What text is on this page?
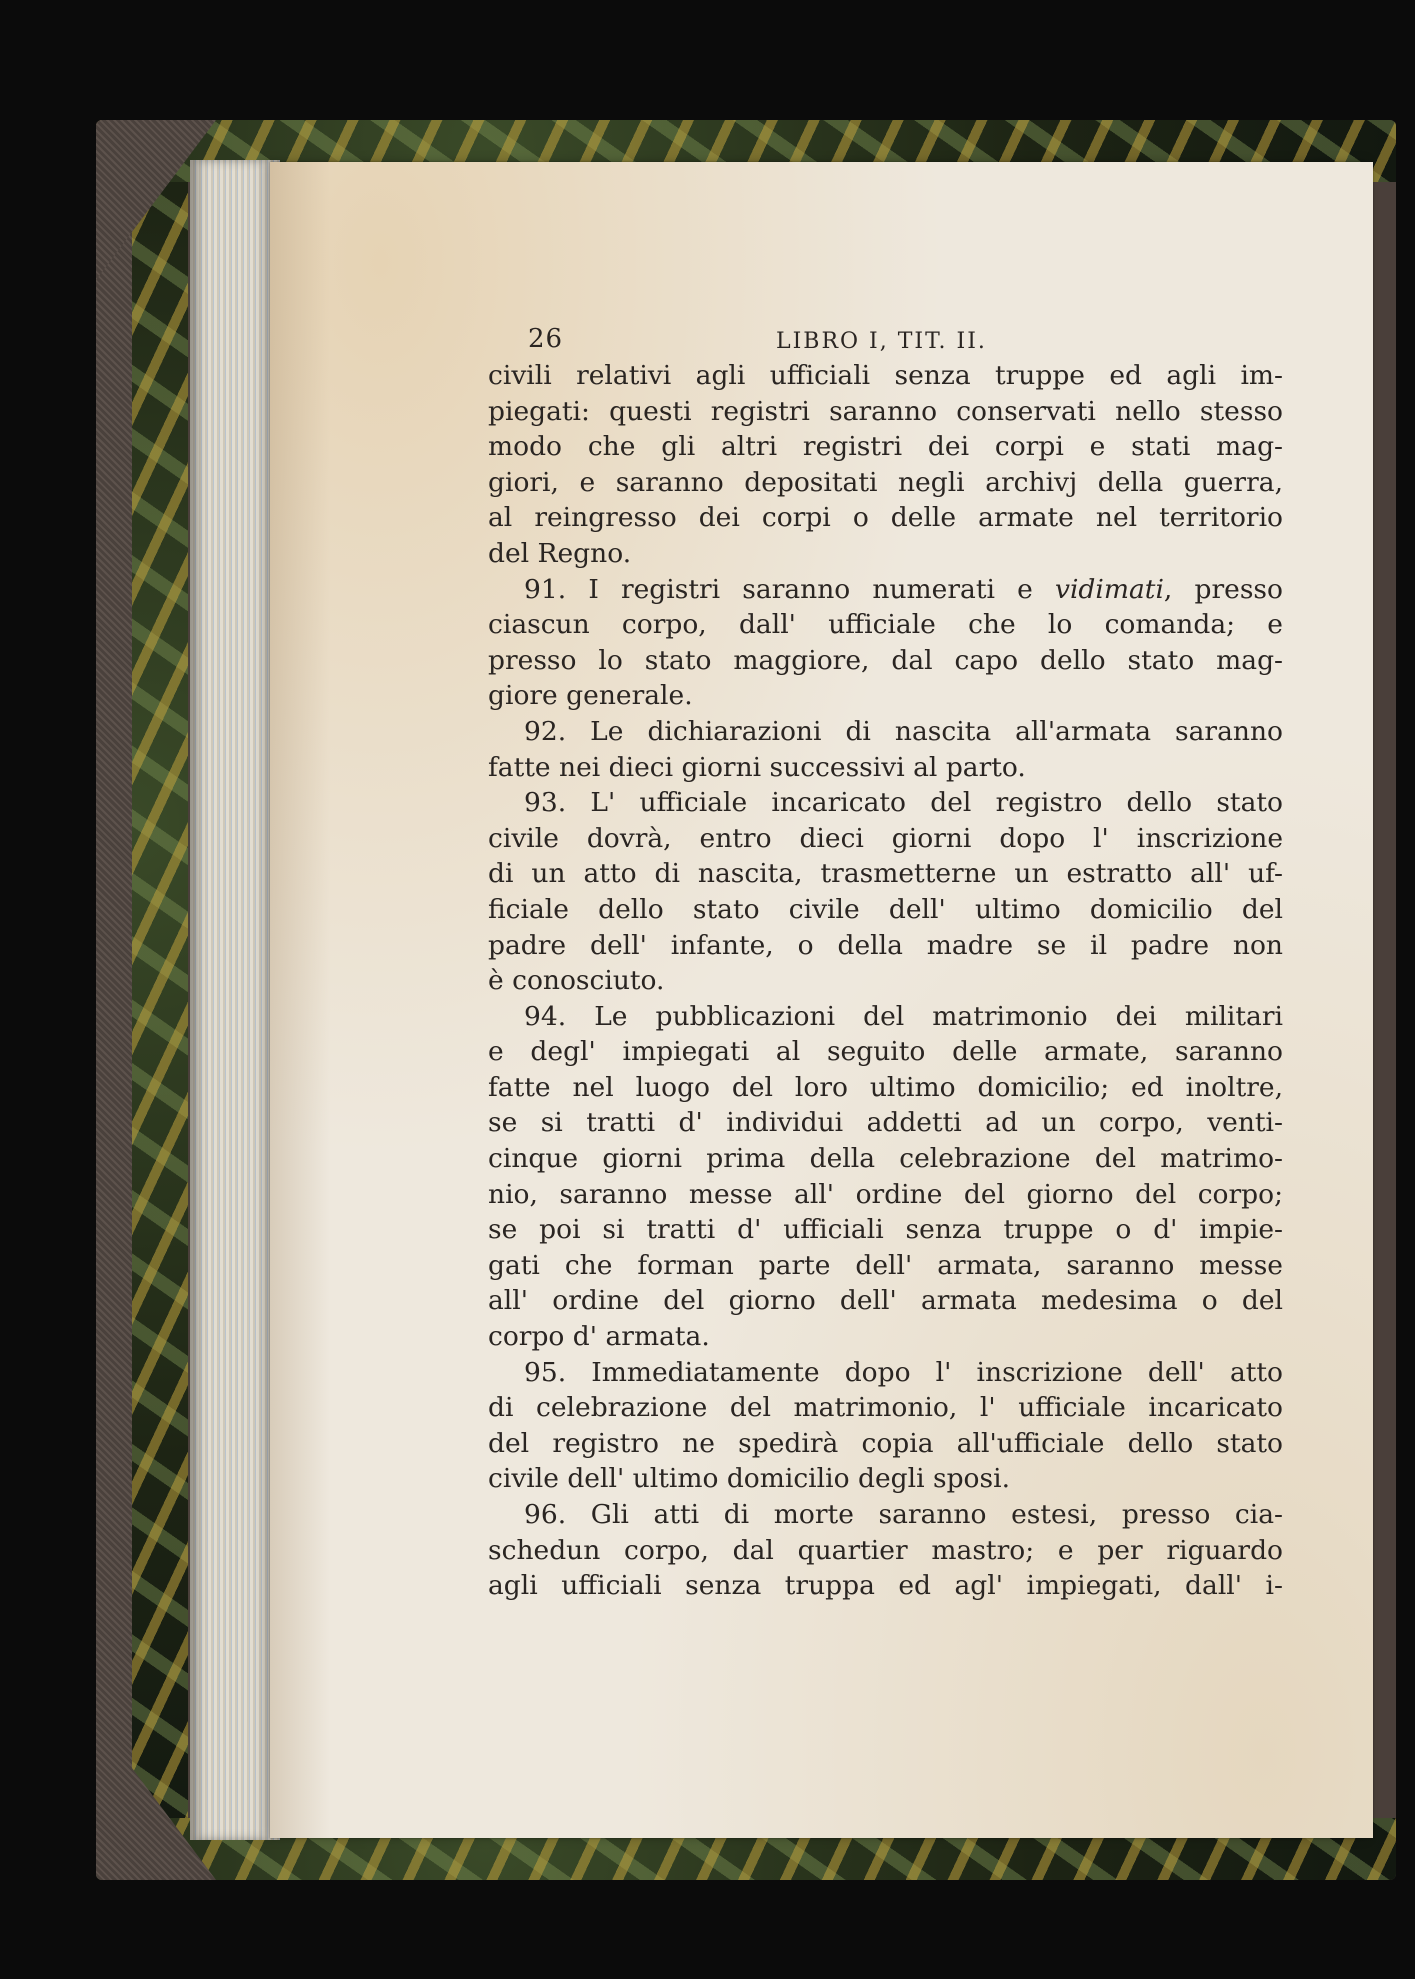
26	LIBRO I, TIT. II.
civili relativi agli ufficiali senza truppe ed agli im-
piegati: questi registri saranno conservati nello stesso
modo che gli altri registri dei corpi e stati mag-
giori, e saranno depositati negli archivj della guerra,
al reingresso dei corpi o delle armate nel territorio
del Regno.
91. I registri saranno numerati e vidimati, presso
ciascun corpo, dall' ufficiale che lo comanda; e
presso lo stato maggiore, dal capo dello stato mag-
giore generale.
92. Le dichiarazioni di nascita all'armata saranno
fatte nei dieci giorni successivi al parto.
93. L' ufficiale incaricato del registro dello stato
civile dovrà, entro dieci giorni dopo l' inscrizione
di un atto di nascita, trasmetterne un estratto all' uf-
ficiale dello stato civile dell' ultimo domicilio del
padre dell' infante, o della madre se il padre non
è conosciuto.
94. Le pubblicazioni del matrimonio dei militari
e degl' impiegati al seguito delle armate, saranno
fatte nel luogo del loro ultimo domicilio; ed inoltre,
se si tratti d' individui addetti ad un corpo, venti-
cinque giorni prima della celebrazione del matrimo-
nio, saranno messe all' ordine del giorno del corpo;
se poi si tratti d' ufficiali senza truppe o d' impie-
gati che forman parte dell' armata, saranno messe
all' ordine del giorno dell' armata medesima o del
corpo d' armata.
95. Immediatamente dopo l' inscrizione dell' atto
di celebrazione del matrimonio, l' ufficiale incaricato
del registro ne spedirà copia all'ufficiale dello stato
civile dell' ultimo domicilio degli sposi.
96. Gli atti di morte saranno estesi, presso cia-
schedun corpo, dal quartier mastro; e per riguardo
agli ufficiali senza truppa ed agl' impiegati, dall' i-
